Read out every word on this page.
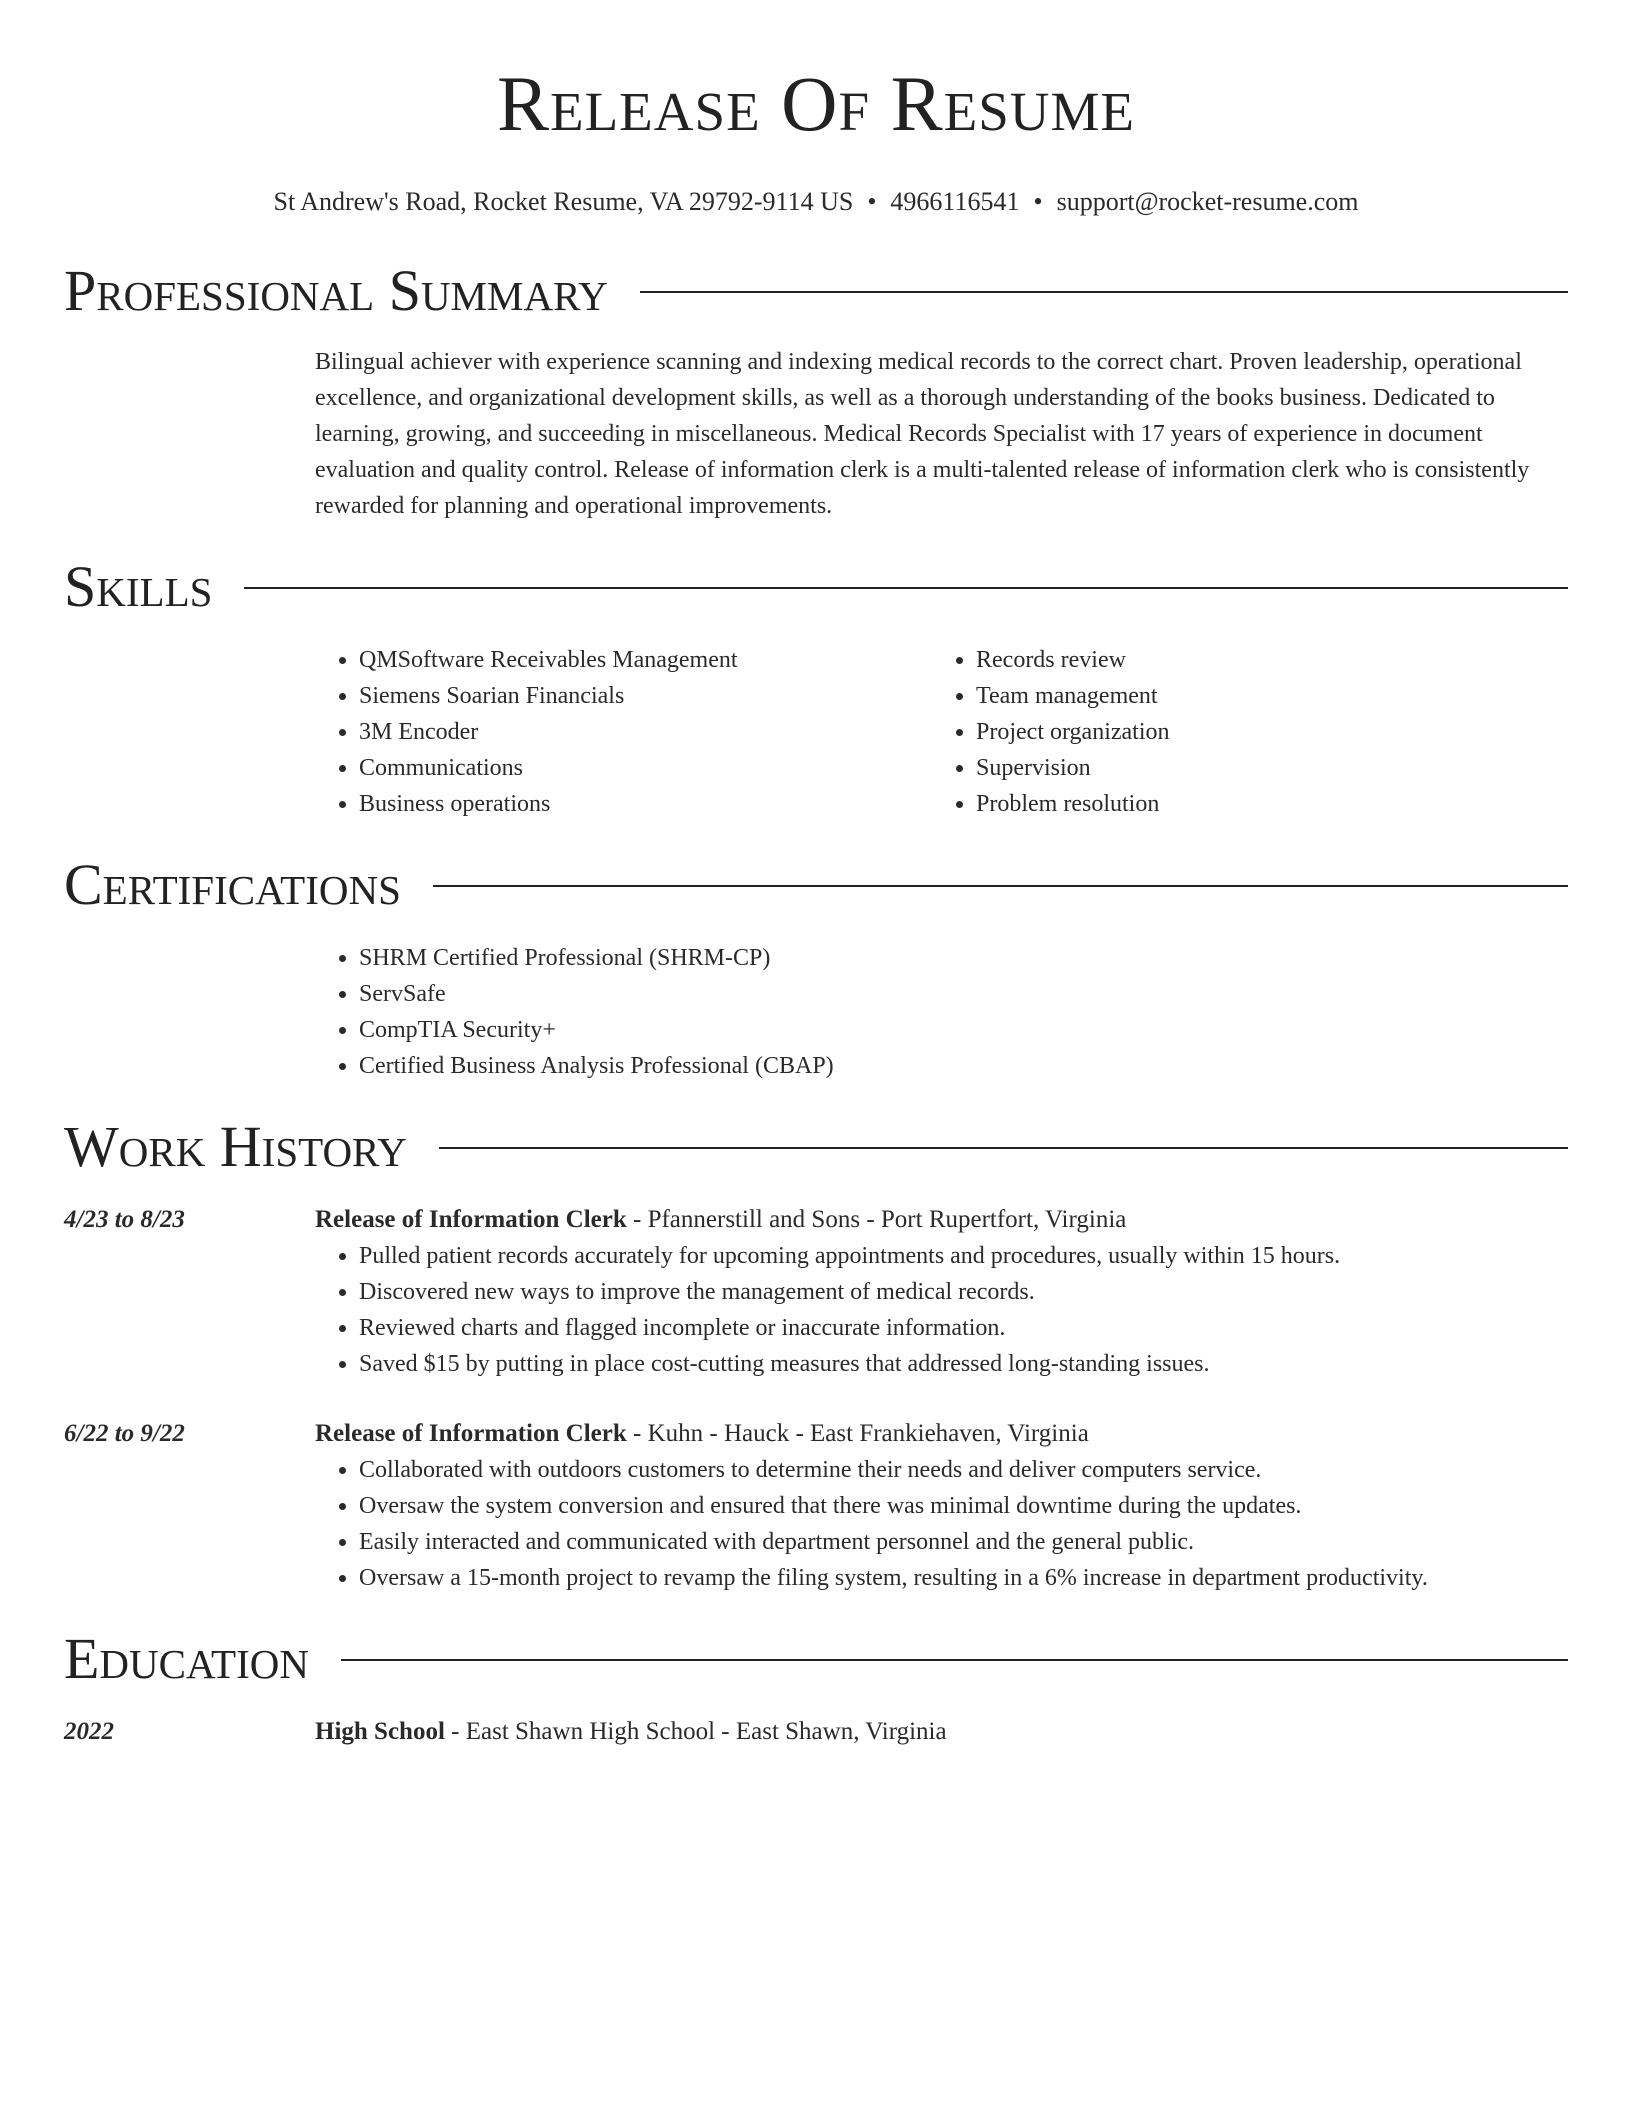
Release Of Resume
St Andrew's Road, Rocket Resume, VA 29792-9114 US • 4966116541 • support@rocket-resume.com
Professional Summary
Bilingual achiever with experience scanning and indexing medical records to the correct chart. Proven leadership, operational excellence, and organizational development skills, as well as a thorough understanding of the books business. Dedicated to learning, growing, and succeeding in miscellaneous. Medical Records Specialist with 17 years of experience in document evaluation and quality control. Release of information clerk is a multi-talented release of information clerk who is consistently rewarded for planning and operational improvements.
Skills
• QMSoftware Receivables Management
• Siemens Soarian Financials
• 3M Encoder
• Communications
• Business operations
• Records review
• Team management
• Project organization
• Supervision
• Problem resolution
Certifications
• SHRM Certified Professional (SHRM-CP)
• ServSafe
• CompTIA Security+
• Certified Business Analysis Professional (CBAP)
Work History
4/23 to 8/23	Release of Information Clerk - Pfannerstill and Sons - Port Rupertfort, Virginia
• Pulled patient records accurately for upcoming appointments and procedures, usually within 15 hours.
• Discovered new ways to improve the management of medical records.
• Reviewed charts and flagged incomplete or inaccurate information.
• Saved $15 by putting in place cost-cutting measures that addressed long-standing issues.
6/22 to 9/22	Release of Information Clerk - Kuhn - Hauck - East Frankiehaven, Virginia
• Collaborated with outdoors customers to determine their needs and deliver computers service.
• Oversaw the system conversion and ensured that there was minimal downtime during the updates.
• Easily interacted and communicated with department personnel and the general public.
• Oversaw a 15-month project to revamp the filing system, resulting in a 6% increase in department productivity.
Education
2022	High School - East Shawn High School - East Shawn, Virginia
